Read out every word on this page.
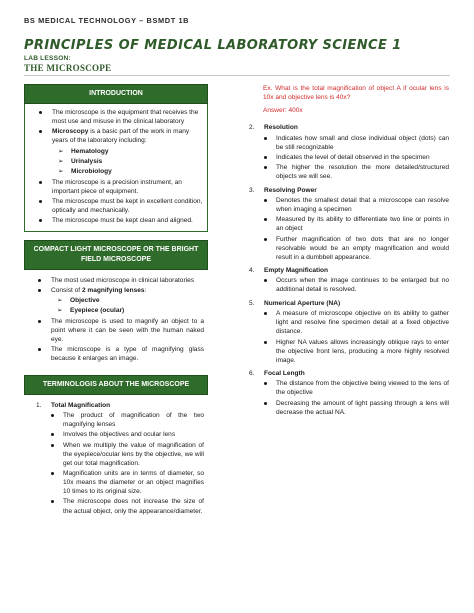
BS MEDICAL TECHNOLOGY – BSMDT 1B
PRINCIPLES OF MEDICAL LABORATORY SCIENCE 1
LAB LESSON:
THE MICROSCOPE
INTRODUCTION
The microscope is the equipment that receives the most use and misuse in the clinical laboratory
Microscopy is a basic part of the work in many years of the laboratory including:
➢ Hematology
➢ Urinalysis
➢ Microbiology
The microscope is a precision instrument, an important piece of equipment.
The microscope must be kept in excellent condition, optically and mechanically.
The microscope must be kept clean and aligned.
COMPACT LIGHT MICROSCOPE OR THE BRIGHT FIELD MICROSCOPE
The most used microscope in clinical laboratories
Consist of 2 magnifying lenses:
➢ Objective
➢ Eyepiece (ocular)
The microscope is used to magnify an object to a point where it can be seen with the human naked eye.
The microscope is a type of magnifying glass because it enlarges an image.
TERMINOLOGIS ABOUT THE MICROSCOPE
1. Total Magnification
The product of magnification of the two magnifying lenses
Involves the objectives and ocular lens
When we multiply the value of magnification of the eyepiece/ocular lens by the objective, we will get our total magnification.
Magnification units are in terms of diameter, so 10x means the diameter or an object magnifies 10 times to its original size.
The microscope does not increase the size of the actual object, only the appearance/diameter.
Ex. What is the total magnification of object A if ocular lens is 10x and objective lens is 40x?
Answer: 400x
2. Resolution
Indicates how small and close individual object (dots) can be still recognizable
Indicates the level of detail observed in the specimen
The higher the resolution the more detailed/structured objects we will see.
3. Resolving Power
Denotes the smallest detail that a microscope can resolve when imaging a specimen
Measured by its ability to differentiate two line or points in an object
Further magnification of two dots that are no longer resolvable would be an empty magnification and would result in a dumbbell appearance.
4. Empty Magnification
Occurs when the image continues to be enlarged but no additional detail is resolved.
5. Numerical Aperture (NA)
A measure of microscope objective on its ability to gather light and resolve fine specimen detail at a fixed objective distance.
Higher NA values allows increasingly oblique rays to enter the objective front lens, producing a more highly resolved image.
6. Focal Length
The distance from the objective being viewed to the lens of the objective
Decreasing the amount of light passing through a lens will decrease the actual NA.
